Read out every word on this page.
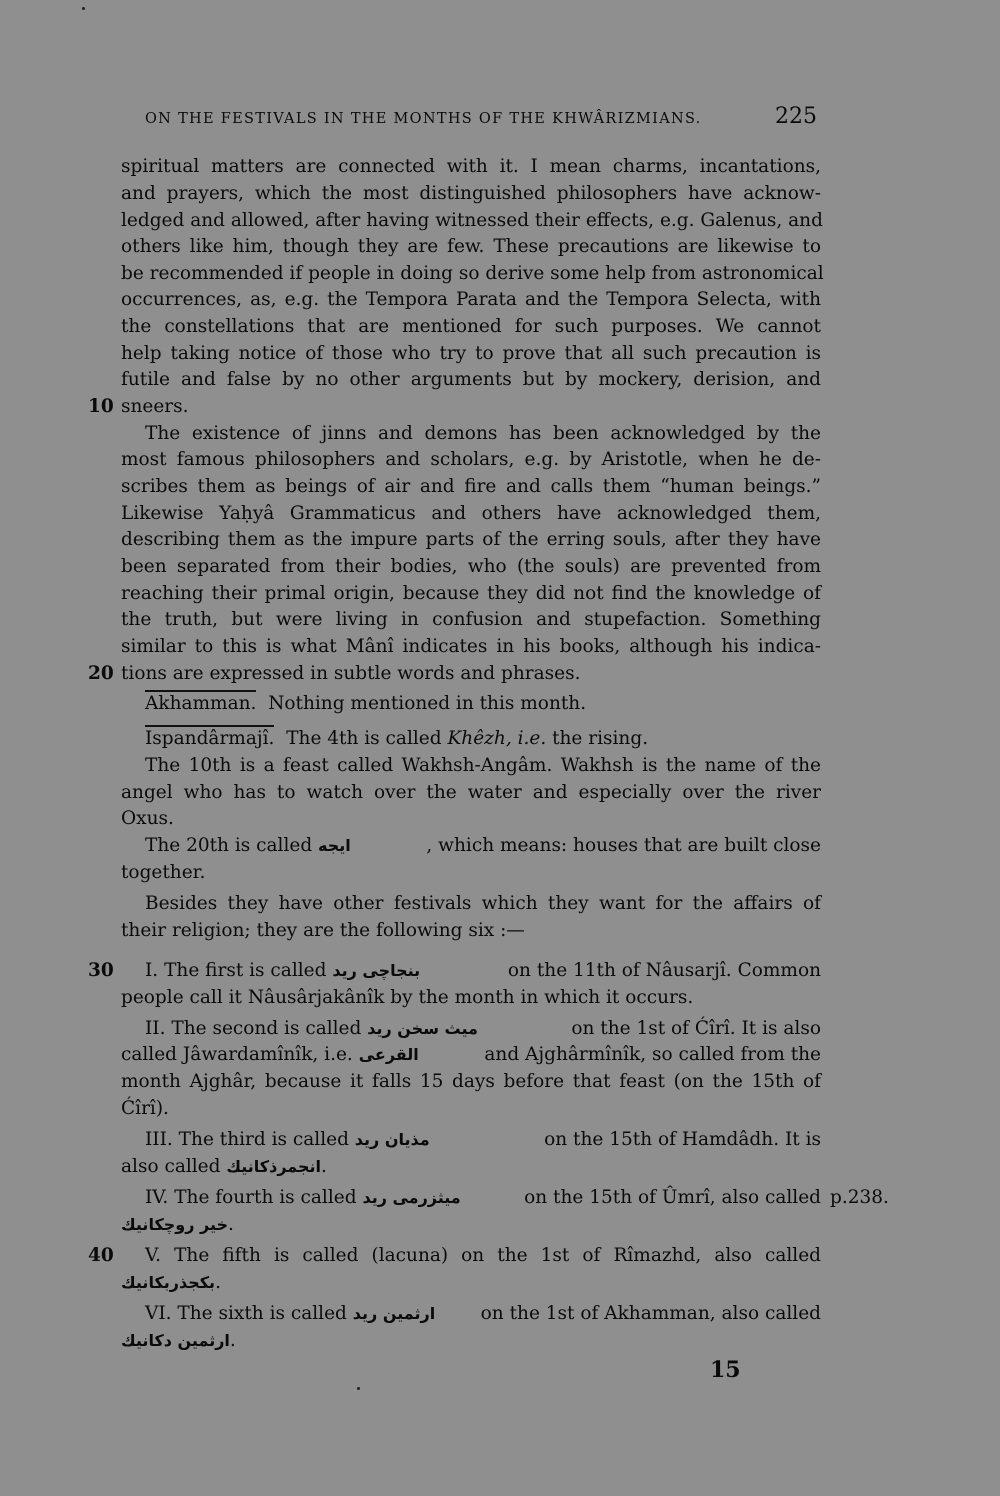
ON THE FESTIVALS IN THE MONTHS OF THE KHWÂRIZMIANS.	225
spiritual matters are connected with it. I mean charms, incantations,
and prayers, which the most distinguished philosophers have acknow-
ledged and allowed, after having witnessed their effects, e.g. Galenus, and
others like him, though they are few. These precautions are likewise to
be recommended if people in doing so derive some help from astronomical
occurrences, as, e.g. the Tempora Parata and the Tempora Selecta, with
the constellations that are mentioned for such purposes. We cannot
help taking notice of those who try to prove that all such precaution is
futile and false by no other arguments but by mockery, derision, and
sneers.
10
The existence of jinns and demons has been acknowledged by the
most famous philosophers and scholars, e.g. by Aristotle, when he de-
scribes them as beings of air and fire and calls them “human beings.”
Likewise Yaḥyâ Grammaticus and others have acknowledged them,
describing them as the impure parts of the erring souls, after they have
been separated from their bodies, who (the souls) are prevented from
reaching their primal origin, because they did not find the knowledge of
the truth, but were living in confusion and stupefaction. Something
similar to this is what Mânî indicates in his books, although his indica-
tions are expressed in subtle words and phrases.
20
Akhamman. Nothing mentioned in this month.
Ispandârmajî. The 4th is called Khêzh, i.e. the rising.
The 10th is a feast called Wakhsh-Angâm. Wakhsh is the name of the
angel who has to watch over the water and especially over the river
Oxus.
The 20th is called ايجه	, which means: houses that are built close
together.
Besides they have other festivals which they want for the affairs of
their religion; they are the following six :—
30 I. The first is called بنجاچى ريد	on the 11th of Nâusarjî. Common
people call it Nâusârjakânîk by the month in which it occurs.
II. The second is called ميث سخن ريد	on the 1st of Ćîrî. It is also
called Jâwardamînîk, i.e. القرعى	and Ajghârmînîk, so called from the
month Ajghâr, because it falls 15 days before that feast (on the 15th of
Ćîrî).
III. The third is called مذيان ريد	on the 15th of Hamdâdh. It is
also called انجمرذكانيك.
IV. The fourth is called ميثزرمى ريد	on the 15th of Ûmrî, also called p.238.
خير روچكانيك.
40 V. The fifth is called (lacuna) on the 1st of Rîmazhd, also called
بكجذربكانيك.
VI. The sixth is called ارثمين ريد on the 1st of Akhamman, also called
ارثمين دكانيك.
15
